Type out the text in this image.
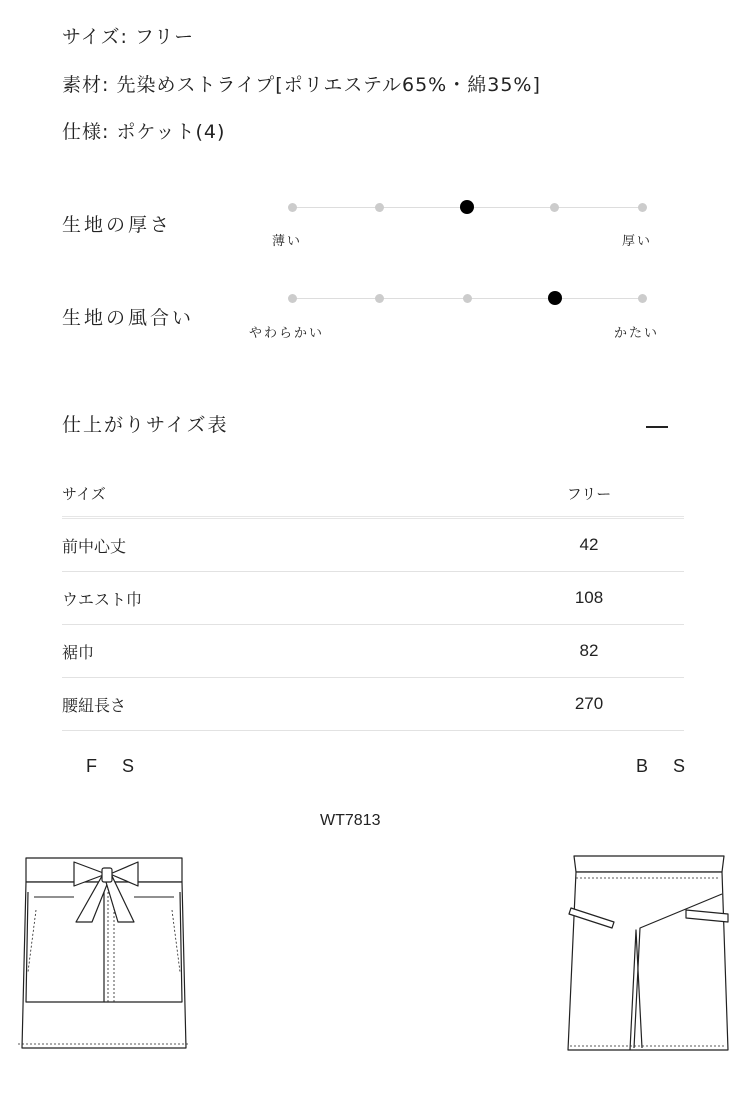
サイズ: フリー
素材: 先染めストライプ[ポリエステル65%・綿35%]
仕様: ポケット(4)
生地の厚さ
薄い	厚い
生地の風合い
やわらかい	かたい
仕上がりサイズ表
サイズ	フリー
前中心丈	42
ウエスト巾	108
裾巾	82
腰紐長さ	270
F S	B S
WT7813
